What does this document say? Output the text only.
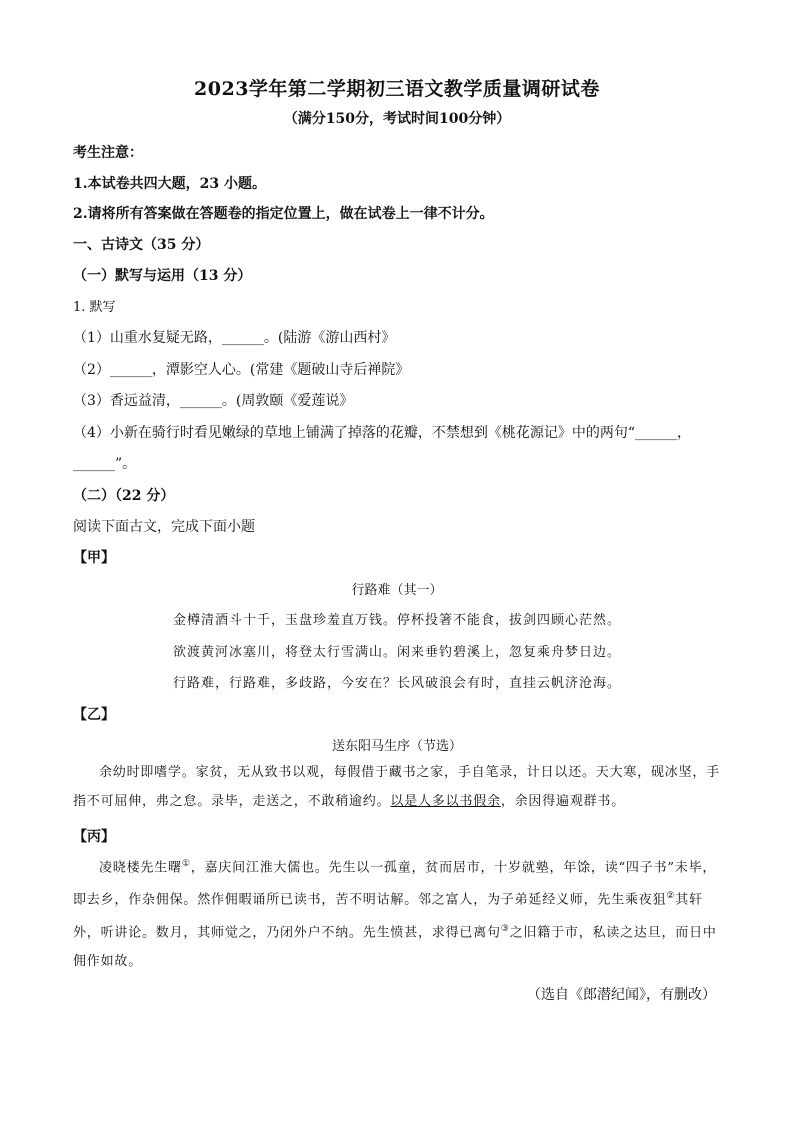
2023学年第二学期初三语文教学质量调研试卷
（满分150分，考试时间100分钟）
考生注意：
1.本试卷共四大题，23 小题。
2.请将所有答案做在答题卷的指定位置上，做在试卷上一律不计分。
一、古诗文（35 分）
（一）默写与运用（13 分）
1. 默写
（1）山重水复疑无路，______。(陆游《游山西村》
（2）______，潭影空人心。(常建《题破山寺后禅院》
（3）香远益清，______。(周敦颐《爱莲说》
（4）小新在骑行时看见嫩绿的草地上铺满了掉落的花瓣，不禁想到《桃花源记》中的两句“______，
______”。
（二）（22 分）
阅读下面古文，完成下面小题
【甲】
行路难（其一）
金樽清酒斗十千，玉盘珍羞直万钱。停杯投箸不能食，拔剑四顾心茫然。
欲渡黄河冰塞川，将登太行雪满山。闲来垂钓碧溪上，忽复乘舟梦日边。
行路难，行路难，多歧路，今安在？长风破浪会有时，直挂云帆济沧海。
【乙】
送东阳马生序（节选）
余幼时即嗜学。家贫，无从致书以观，每假借于藏书之家，手自笔录，计日以还。天大寒，砚冰坚，手指不可屈伸，弗之怠。录毕，走送之，不敢稍逾约。以是人多以书假余，余因得遍观群书。
【丙】
凌晓楼先生曙①，嘉庆间江淮大儒也。先生以一孤童，贫而居市，十岁就塾，年馀，读“四子书”未毕，即去乡，作杂佣保。然作佣暇诵所已读书，苦不明诂解。邻之富人，为子弟延经义师，先生乘夜狙②其轩外，听讲论。数月，其师觉之，乃闭外户不纳。先生愤甚，求得已离句③之旧籍于市，私读之达旦，而日中佣作如故。
（选自《郎潜纪闻》，有删改）
